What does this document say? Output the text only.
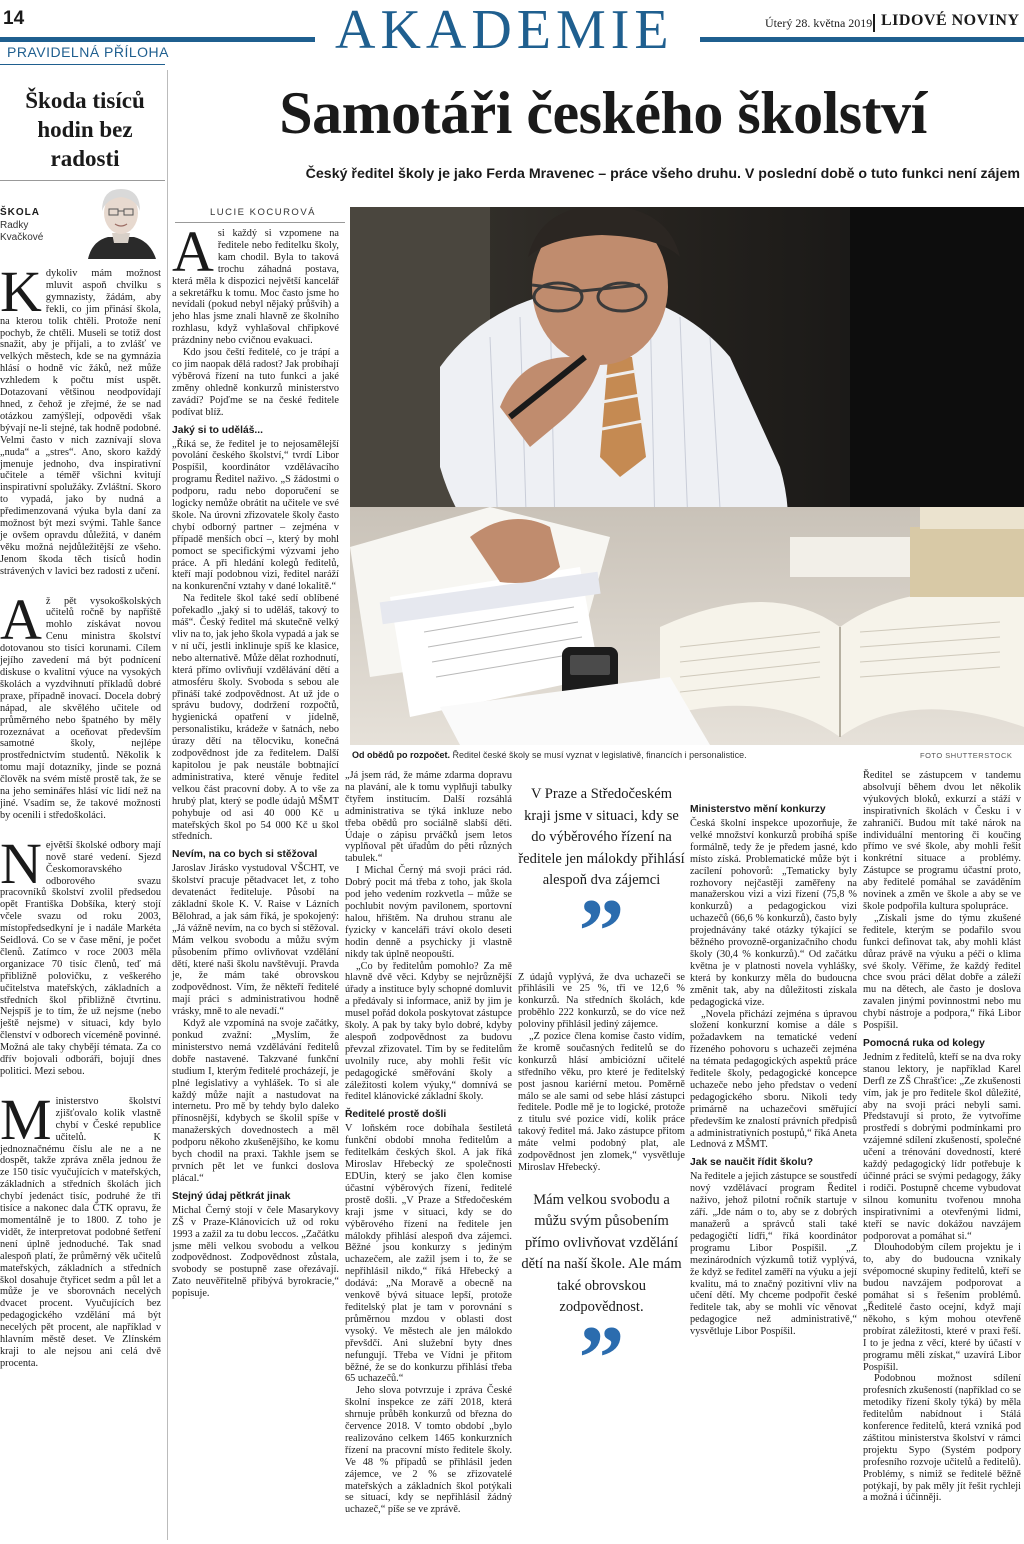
14	AKADEMIE	Úterý 28. května 2019 LIDOVÉ NOVINY
PRAVIDELNÁ PŘÍLOHA
Škoda tisíců hodin bez radosti
ŠKOLA
Radky
Kvačkové

Kdykoliv mám možnost mluvit aspoň chvilku s gymnazisty, žádám, aby řekli, co jim přinásí škola, na kterou tolik chtěli. Protože není pochyb, že chtěli. Museli se totiž dost snažit, aby je přijali, a to zvlášť ve velkých městech, kde se na gymnázia hlásí o hodně víc žáků, než může vzhledem k počtu míst uspět. Dotazovaní většinou neodpovídají hned, z čehož je zřejmé, že se nad otázkou zamýšlejí, odpovědi však bývají ne-li stejné, tak hodně podobné. Velmi často v nich zaznívají slova „nuda“ a „stres“. Ano, skoro každý jmenuje jednoho, dva inspirativní učitele a téměř všichni kvitují inspirativní spolužáky. Zvláštní. Skoro to vypadá, jako by nudná a předimenzovaná výuka byla daní za možnost být mezi svými. Tahle šance je ovšem opravdu důležitá, v daném věku možná nejdůležitější ze všeho. Jenom škoda těch tisíců hodin strávených v lavici bez radosti z učení.

Až pět vysokoškolských učitelů ročně by napříště mohlo získávat novou Cenu ministra školství dotovanou sto tisíci korunami. Cílem jejího zavedení má být podnícení diskuse o kvalitní výuce na vysokých školách a vyzdvihnutí příkladů dobré praxe, případně inovací. Docela dobrý nápad, ale skvělého učitele od průměrného nebo špatného by měly rozeznávat a oceňovat především samotné školy, nejlépe prostřednictvím studentů. Několik k tomu mají dotazníky, jinde se pozná člověk na svém místě prostě tak, že se na jeho seminářes hlásí víc lidí než na jiné. Vsadím se, že takové možnosti by ocenili i středoškoláci.

Největší školské odbory mají nově staré vedení. Sjezd Českomoravského odborového svazu pracovníků školství zvolil předsedou opět Františka Dobšíka, který stojí včele svazu od roku 2003, místopředsedkyní je i nadále Markéta Seidlová. Co se v čase mění, je počet členů. Zatímco v roce 2003 měla organizace 70 tisíc členů, teď má přibližně polovičku, z veškerého učitelstva mateřských, základních a středních škol přibližně čtvrtinu. Nejspíš je to tím, že už nejsme (nebo ještě nejsme) v situaci, kdy bylo členství v odborech víceméně povinné. Možná ale taky chybějí témata. Za co dřív bojovali odboráři, bojují dnes politici. Mezi sebou.

Ministerstvo školství zjišťovalo kolik vlastně chybí v České republice učitelů. K jednoznačnému číslu ale ne a ne dospět, takže zpráva zněla jednou že ze 150 tisíc vyučujících v mateřských, základních a středních školách jich chybí jedenáct tisíc, podruhé že tři tisíce a nakonec dala ČTK opravu, že momentálně je to 1800. Z toho je vidět, že interpretovat podobné šetření není úplně jednoduché. Tak snad alespoň platí, že průměrný věk učitelů mateřských, základních a středních škol dosahuje čtyřicet sedm a půl let a může je ve sborovnách necelých dvacet procent. Vyučujících bez pedagogického vzdělání má být necelých pět procent, ale například v hlavním městě deset. Ve Zlínském kraji to ale nejsou ani celá dvě procenta.

Samotáři českého školství
Český ředitel školy je jako Ferda Mravenec – práce všeho druhu. V poslední době o tuto funkci není zájem
LUCIE KOCUROVÁ
Od obědů po rozpočet. Ředitel české školy se musí vyznat v legislativě, financích i personalistice.	FOTO SHUTTERSTOCK

Asi každý si vzpomene na ředitele nebo ředitelku školy, kam chodil. Byla to taková trochu záhadná postava, která měla k dispozici největší kancelář a sekretářku k tomu. Moc často jsme ho nevídali (pokud nebyl nějaký průšvih) a jeho hlas jsme znali hlavně ze školního rozhlasu, když vyhlašoval chřipkové prázdniny nebo cvičnou evakuaci.

Kdo jsou čeští ředitelé, co je trápí a co jim naopak dělá radost? Jak probíhají výběrová řízení na tuto funkci a jaké změny ohledně konkurzů ministerstvo zavádí? Pojďme se na české ředitele podívat blíž.

Jaký si to uděláš...

„Říká se, že ředitel je to nejosamělejší povolání českého školství,“ tvrdí Libor Pospíšil, koordinátor vzdělávacího programu Ředitel naživo. „S žádostmi o podporu, radu nebo doporučení se logicky nemůže obrátit na učitele ve své škole. Na úrovni zřizovatele školy často chybí odborný partner – zejména v případě menších obcí –, který by mohl pomoct se specifickými výzvami jeho práce. A při hledání kolegů ředitelů, kteří mají podobnou vizi, ředitel naráží na konkurenční vztahy v dané lokalitě.“

Na ředitele škol také sedí oblíbené pořekadlo „jaký si to uděláš, takový to máš“. Český ředitel má skutečně velký vliv na to, jak jeho škola vypadá a jak se v ní učí, jestli inklinuje spíš ke klasice, nebo alternativě. Může dělat rozhodnutí, která přímo ovlivňují vzdělávání dětí a atmosféru školy. Svoboda s sebou ale přináší také zodpovědnost. At už jde o správu budovy, dodržení rozpočtů, hygienická opatření v jídelně, personalistiku, krádeže v šatnách, nebo úrazy dětí na tělocviku, konečná zodpovědnost jde za ředitelem. Další kapitolou je pak neustále bobtnající administrativa, které věnuje ředitel velkou část pracovní doby. A to vše za hrubý plat, který se podle údajů MŠMT pohybuje od asi 40 000 Kč u mateřských škol po 54 000 Kč u škol středních.

Nevím, na co bych si stěžoval

Jaroslav Jirásko vystudoval VŠCHT, ve školství pracuje pětadvacet let, z toho devatenáct řediteluje. Působí na základní škole K. V. Raise v Lázních Bělohrad, a jak sám říká, je spokojený: „Já vážně nevím, na co bych si stěžoval. Mám velkou svobodu a můžu svým působením přímo ovlivňovat vzdělání dětí, které naši školu navštěvují. Pravda je, že mám také obrovskou zodpovědnost. Vím, že někteří ředitelé mají práci s administrativou hodně vrásky, mně to ale nevadí.“

Když ale vzpomíná na svoje začátky, ponkud zvažní: „Myslím, že ministerstvo nemá vzdělávání ředitelů dobře nastavené. Takzvané funkční studium I, kterým ředitelé procházejí, je plné legislativy a vyhlášek. To si ale každý může najít a nastudovat na internetu. Pro mě by tehdy bylo daleko přínosnější, kdybych se školil spíše v manažerských dovednostech a měl podporu někoho zkušenějšího, ke komu bych chodil na praxi. Takhle jsem se prvních pět let ve funkci doslova plácal.“

Stejný údaj pětkrát jinak

Michal Černý stojí v čele Masarykovy ZŠ v Praze-Klánovicích už od roku 1993 a zažil za tu dobu leccos. „Začátku jsme měli velkou svobodu a velkou zodpovědnost. Zodpovědnost zůstala, svobody se postupně zase ořezávají. Zato neuvěřitelně přibývá byrokracie,“ popisuje.

„Já jsem rád, že máme zdarma dopravu na plavání, ale k tomu vyplňuji tabulky čtyřem institucím. Další rozsáhlá administrativa se týká inkluze nebo třeba obědů pro sociálně slabší děti. Údaje o zápisu prváčků jsem letos vyplňoval pět úřadům do pěti různých tabulek.“

I Michal Černý má svoji práci rád. Dobrý pocit má třeba z toho, jak škola pod jeho vedením rozkvetla – může se pochlubit novým pavilonem, sportovní halou, hřištěm. Na druhou stranu ale fyzicky v kanceláři tráví okolo deseti hodin denně a psychicky ji vlastně nikdy tak úplně neopouští.

„Co by ředitelům pomohlo? Za mě hlavně dvě věci. Kdyby se nejrůznější úřady a instituce byly schopné domluvit a předávaly si informace, aniž by jim je musel pořád dokola poskytovat zástupce školy. A pak by taky bylo dobré, kdyby alespoň zodpovědnost za budovu převzal zřizovatel. Tím by se ředitelům uvolnily ruce, aby mohli řešit víc pedagogické směřování školy a záležitosti kolem výuky,“ domnívá se ředitel klánovické základní školy.

Ředitelé prostě došli

V loňském roce dobíhala šestiletá funkční období mnoha ředitelům a ředitelkám českých škol. A jak říká Miroslav Hřebecký ze společnosti EDUin, který se jako člen komise účastní výběrových řízení, ředitelé prostě došli. „V Praze a Středočeském kraji jsme v situaci, kdy se do výběrového řízení na ředitele jen málokdy přihlásí alespoň dva zájemci. Běžné jsou konkurzy s jediným uchazečem, ale zažil jsem i to, že se nepřihlásil nikdo,“ říká Hřebecký a dodává: „Na Moravě a obecně na venkově bývá situace lepší, protože ředitelský plat je tam v porovnání s průměrnou mzdou v oblasti dost vysoký. Ve městech ale jen málokdo převšdčí. Ani služební byty dnes nefungují. Třeba ve Vídni je přitom běžné, že se do konkurzu přihlásí třeba 65 uchazečů.“

Jeho slova potvrzuje i zpráva České školní inspekce ze září 2018, která shrnuje průběh konkurzů od března do července 2018. V tomto období „bylo realizováno celkem 1465 konkurzních řízení na pracovní místo ředitele školy. Ve 48 % případů se přihlásil jeden zájemce, ve 2 % se zřizovatelé mateřských a základních škol potýkali se situací, kdy se nepřihlásil žádný uchazeč,“ píše se ve zprávě.

V Praze a Středočeském kraji jsme v situaci, kdy se do výběrového řízení na ředitele jen málokdy přihlásí alespoň dva zájemci
”

Z údajů vyplývá, že dva uchazeči se přihlásili ve 25 %, tři ve 12,6 % konkurzů. Na středních školách, kde proběhlo 222 konkurzů, se do více než poloviny přihlásil jediný zájemce.

„Z pozice člena komise často vidím, že kromě současných ředitelů se do konkurzů hlásí ambiciózní učitelé středního věku, pro které je ředitelský post jasnou kariérní metou. Poměrně málo se ale sami od sebe hlásí zástupci ředitele. Podle mě je to logické, protože z titulu své pozice vidí, kolik práce takový ředitel má. Jako zástupce přitom máte velmi podobný plat, ale zodpovědnost jen zlomek,“ vysvětluje Miroslav Hřebecký.

Mám velkou svobodu a můžu svým působením přímo ovlivňovat vzdělání dětí na naší škole. Ale mám také obrovskou zodpovědnost.
”
Ministerstvo mění konkurzy

Česká školní inspekce upozorňuje, že velké množství konkurzů probíhá spíše formálně, tedy že je předem jasné, kdo místo získá. Problematické může být i zacílení pohovorů: „Tematicky byly rozhovory nejčastěji zaměřeny na manažerskou vizi a vizi řízení (75,8 % konkurzů) a pedagogickou vizi uchazečů (66,6 % konkurzů), často byly projednávány také otázky týkající se běžného provozně-organizačního chodu školy (30,4 % konkurzů).“ Od začátku května je v platnosti novela vyhlášky, která by konkurzy měla do budoucna změnit tak, aby na důležitosti získala pedagogická vize.

„Novela přichází zejména s úpravou složení konkurzní komise a dále s požadavkem na tematické vedení řízeného pohovoru s uchazeči zejména na témata pedagogických aspektů práce ředitele školy, pedagogické koncepce uchazeče nebo jeho představ o vedení pedagogického sboru. Nikoli tedy primárně na uchazečovi směřující především ke znalostí právních předpisů a administrativních postupů,“ říká Aneta Lednová z MŠMT.

Jak se naučit řídit školu?

Na ředitele a jejich zástupce se soustředí nový vzdělávací program Ředitel naživo, jehož pilotní ročník startuje v září. „Jde nám o to, aby se z dobrých manažerů a správců stali také pedagogičtí lídři,“ říká koordinátor programu Libor Pospíšil. „Z mezinárodních výzkumů totiž vyplývá, že když se ředitel zaměří na výuku a její kvalitu, má to značný pozitivní vliv na učení dětí. My chceme podpořit české ředitele tak, aby se mohli víc věnovat pedagogice než administrativě,“ vysvětluje Libor Pospíšil.

Ředitel se zástupcem v tandemu absolvují během dvou let několik výukových bloků, exkurzí a stáží v inspirativních školách v Česku i v zahraničí. Budou mít také nárok na individuální mentoring či koučing přímo ve své škole, aby mohli řešit konkrétní situace a problémy. Zástupce se programu účastní proto, aby ředitelé pomáhal se zaváděním novinek a změn ve škole a aby se ve škole podpořila kultura spolupráce.

„Získali jsme do týmu zkušené ředitele, kterým se podařilo svou funkci definovat tak, aby mohli klást důraz právě na výuku a péči o klima své školy. Věříme, že každý ředitel chce svou práci dělat dobře a záleží mu na dětech, ale často je doslova zavalen jinými povinnostmi nebo mu chybí nástroje a podpora,“ říká Libor Pospíšil.

Pomocná ruka od kolegy

Jedním z ředitelů, kteří se na dva roky stanou lektory, je například Karel Derfl ze ZŠ Chrašťice: „Ze zkušenosti vím, jak je pro ředitele škol důležité, aby na svoji práci nebyli sami. Představují si proto, že vytvoříme prostředí s dobrými podmínkami pro vzájemné sdílení zkušeností, společné učení a trénování dovedností, které každý pedagogický lídr potřebuje k účinné práci se svými pedagogy, žáky i rodiči. Postupně chceme vybudovat silnou komunitu tvořenou mnoha inspirativními a otevřenými lidmi, kteří se navíc dokážou navzájem podporovat a pomáhat si.“

Dlouhodobým cílem projektu je i to, aby do budoucna vznikaly svépomocné skupiny ředitelů, kteří se budou navzájem podporovat a pomáhat si s řešením problémů. „Ředitelé často ocejní, když mají někoho, s kým mohou otevřeně probírat záležitosti, které v praxi řeší. I to je jedna z věcí, které by účastí v programu měli získat,“ uzavírá Libor Pospíšil.

Podobnou možnost sdílení profesních zkušeností (například co se metodiky řízení školy týká) by měla ředitelům nabídnout i Stálá konference ředitelů, která vzniká pod záštitou ministerstva školství v rámci projektu Sypo (Systém podpory profesního rozvoje učitelů a ředitelů). Problémy, s nimiž se ředitelé běžně potýkají, by pak měly jít řešit rychleji a možná i účinněji.
